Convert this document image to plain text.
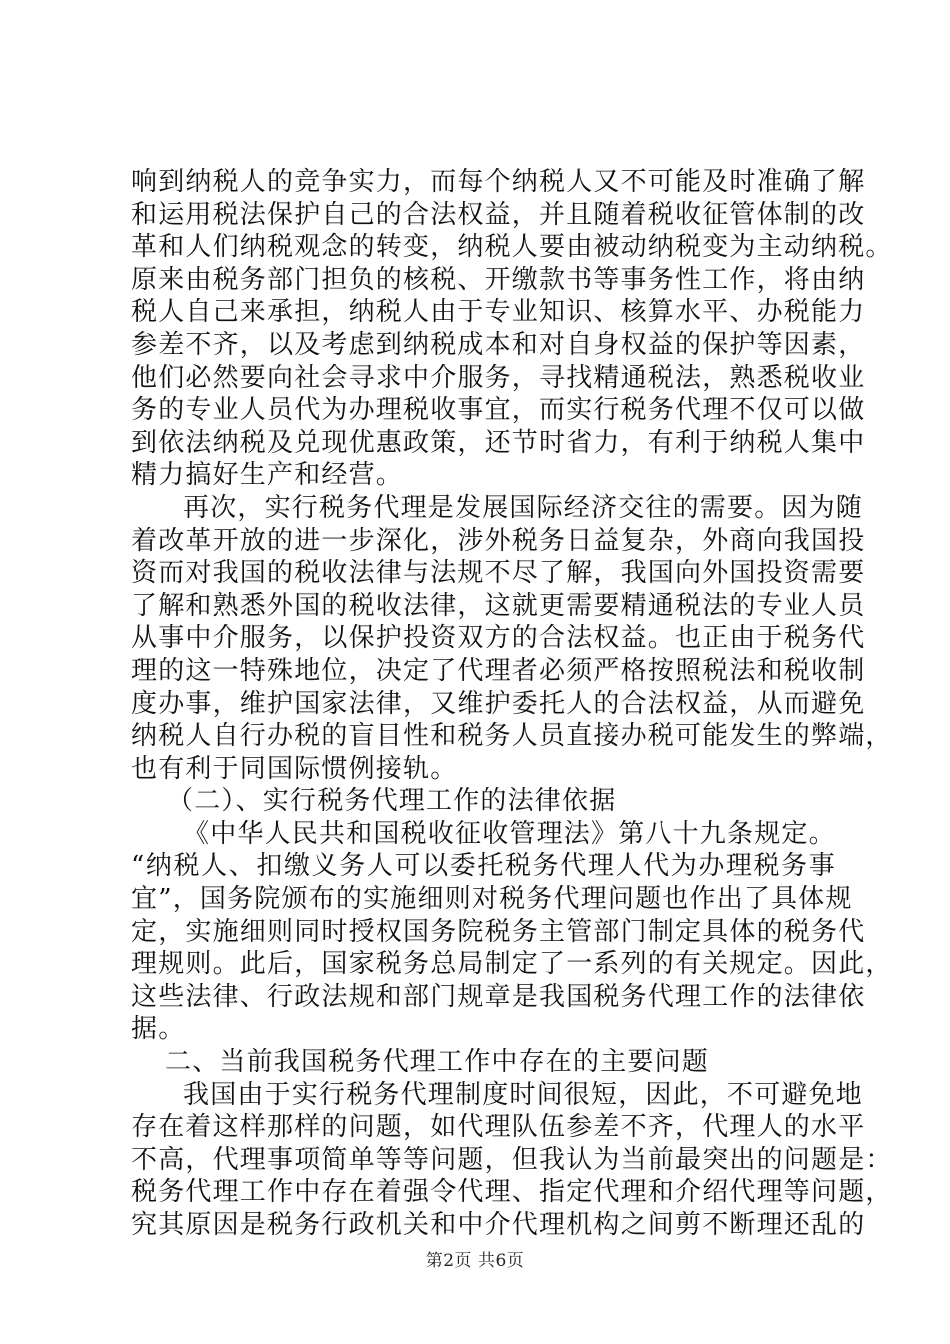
响到纳税人的竞争实力，而每个纳税人又不可能及时准确了解
和运用税法保护自己的合法权益，并且随着税收征管体制的改
革和人们纳税观念的转变，纳税人要由被动纳税变为主动纳税。
原来由税务部门担负的核税、开缴款书等事务性工作，将由纳
税人自己来承担，纳税人由于专业知识、核算水平、办税能力
参差不齐，以及考虑到纳税成本和对自身权益的保护等因素，
他们必然要向社会寻求中介服务，寻找精通税法，熟悉税收业
务的专业人员代为办理税收事宜，而实行税务代理不仅可以做
到依法纳税及兑现优惠政策，还节时省力，有利于纳税人集中
精力搞好生产和经营。
再次，实行税务代理是发展国际经济交往的需要。因为随
着改革开放的进一步深化，涉外税务日益复杂，外商向我国投
资而对我国的税收法律与法规不尽了解，我国向外国投资需要
了解和熟悉外国的税收法律，这就更需要精通税法的专业人员
从事中介服务，以保护投资双方的合法权益。也正由于税务代
理的这一特殊地位，决定了代理者必须严格按照税法和税收制
度办事，维护国家法律，又维护委托人的合法权益，从而避免
纳税人自行办税的盲目性和税务人员直接办税可能发生的弊端，
也有利于同国际惯例接轨。
（二）、实行税务代理工作的法律依据
《中华人民共和国税收征收管理法》第八十九条规定。
“纳税人、扣缴义务人可以委托税务代理人代为办理税务事
宜”，国务院颁布的实施细则对税务代理问题也作出了具体规
定，实施细则同时授权国务院税务主管部门制定具体的税务代
理规则。此后，国家税务总局制定了一系列的有关规定。因此，
这些法律、行政法规和部门规章是我国税务代理工作的法律依
据。
二、当前我国税务代理工作中存在的主要问题
我国由于实行税务代理制度时间很短，因此，不可避免地
存在着这样那样的问题，如代理队伍参差不齐，代理人的水平
不高，代理事项简单等等问题，但我认为当前最突出的问题是：
税务代理工作中存在着强令代理、指定代理和介绍代理等问题，
究其原因是税务行政机关和中介代理机构之间剪不断理还乱的
第2页 共6页
